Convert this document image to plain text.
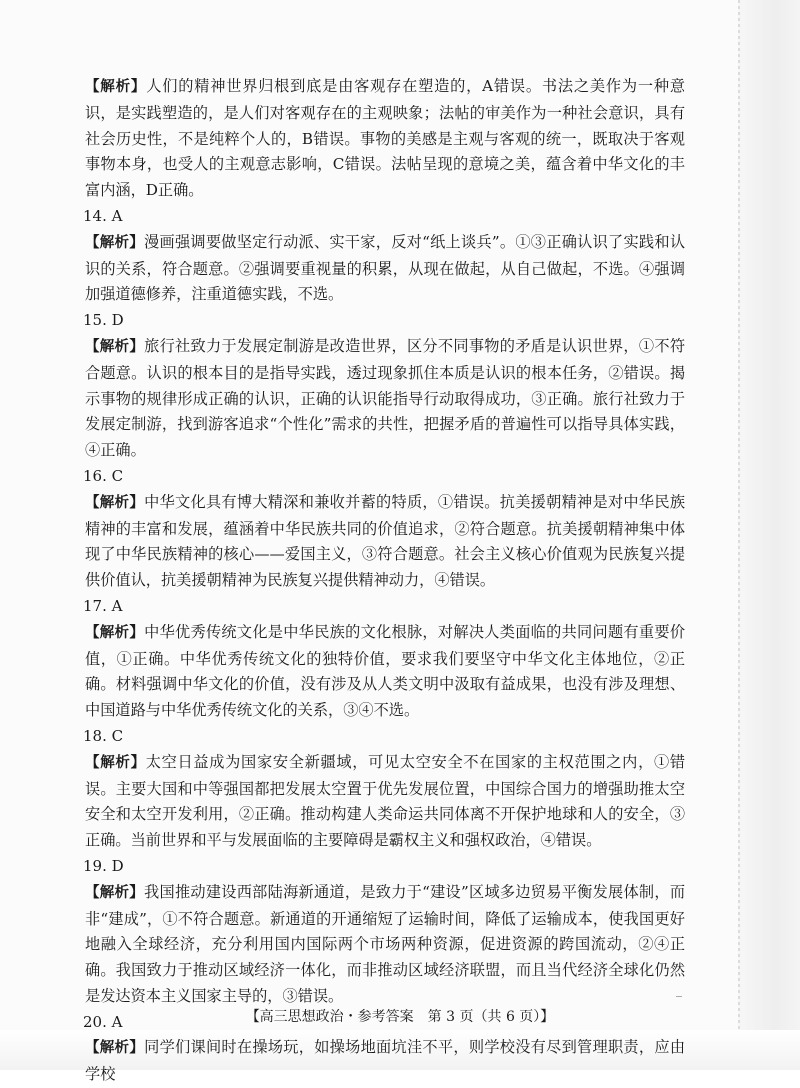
【解析】人们的精神世界归根到底是由客观存在塑造的，A错误。书法之美作为一种意识，是实践塑造的，是人们对客观存在的主观映象；法帖的审美作为一种社会意识，具有社会历史性，不是纯粹个人的，B错误。事物的美感是主观与客观的统一，既取决于客观事物本身，也受人的主观意志影响，C错误。法帖呈现的意境之美，蕴含着中华文化的丰富内涵，D正确。

14. A

【解析】漫画强调要做坚定行动派、实干家，反对“纸上谈兵”。①③正确认识了实践和认识的关系，符合题意。②强调要重视量的积累，从现在做起，从自己做起，不选。④强调加强道德修养，注重道德实践，不选。

15. D

【解析】旅行社致力于发展定制游是改造世界，区分不同事物的矛盾是认识世界，①不符合题意。认识的根本目的是指导实践，透过现象抓住本质是认识的根本任务，②错误。揭示事物的规律形成正确的认识，正确的认识能指导行动取得成功，③正确。旅行社致力于发展定制游，找到游客追求“个性化”需求的共性，把握矛盾的普遍性可以指导具体实践，④正确。

16. C

【解析】中华文化具有博大精深和兼收并蓄的特质，①错误。抗美援朝精神是对中华民族精神的丰富和发展，蕴涵着中华民族共同的价值追求，②符合题意。抗美援朝精神集中体现了中华民族精神的核心——爱国主义，③符合题意。社会主义核心价值观为民族复兴提供价值认，抗美援朝精神为民族复兴提供精神动力，④错误。

17. A

【解析】中华优秀传统文化是中华民族的文化根脉，对解决人类面临的共同问题有重要价值，①正确。中华优秀传统文化的独特价值，要求我们要坚守中华文化主体地位，②正确。材料强调中华文化的价值，没有涉及从人类文明中汲取有益成果，也没有涉及理想、中国道路与中华优秀传统文化的关系，③④不选。

18. C

【解析】太空日益成为国家安全新疆域，可见太空安全不在国家的主权范围之内，①错误。主要大国和中等强国都把发展太空置于优先发展位置，中国综合国力的增强助推太空安全和太空开发利用，②正确。推动构建人类命运共同体离不开保护地球和人的安全，③正确。当前世界和平与发展面临的主要障碍是霸权主义和强权政治，④错误。

19. D

【解析】我国推动建设西部陆海新通道，是致力于“建设”区域多边贸易平衡发展体制，而非“建成”，①不符合题意。新通道的开通缩短了运输时间，降低了运输成本，使我国更好地融入全球经济，充分利用国内国际两个市场两种资源，促进资源的跨国流动，②④正确。我国致力于推动区域经济一体化，而非推动区域经济联盟，而且当代经济全球化仍然是发达资本主义国家主导的，③错误。

20. A

【解析】同学们课间时在操场玩，如操场地面坑洼不平，则学校没有尽到管理职责，应由学校

【高三思想政治・参考答案　第 3 页（共 6 页）】
